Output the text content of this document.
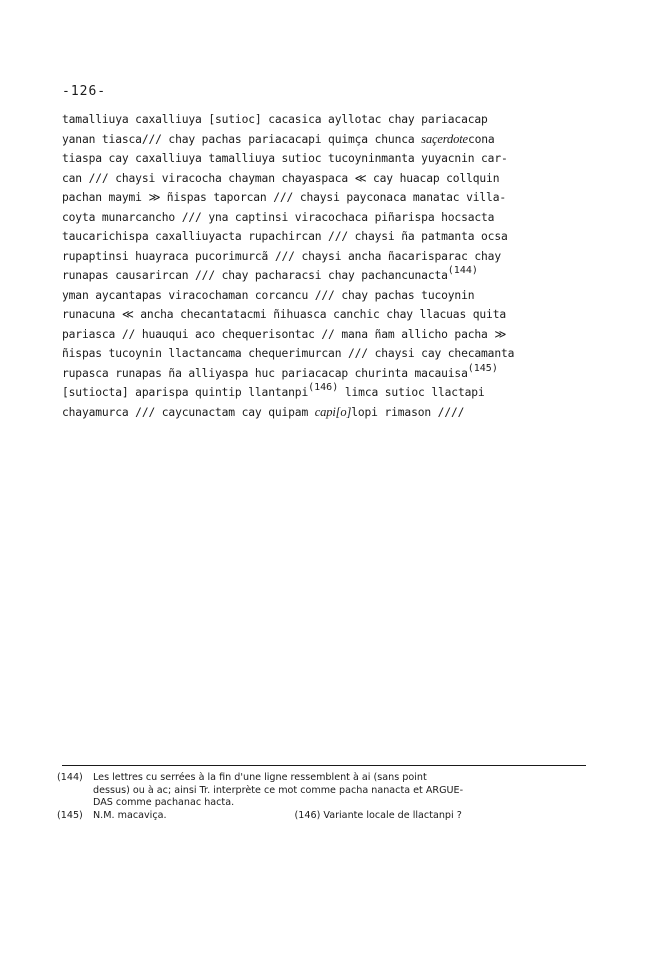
-126-
tamalliuya caxalliuya [sutioc] cacasica ayllotac chay pariacacap
yanan tiasca/// chay pachas pariacacapi quimça chunca saçerdotecona
tiaspa cay caxalliuya tamalliuya sutioc tucoyninmanta yuyacnin car-
can /// chaysi viracocha chayman chayaspaca ≪ cay huacap collquin
pachan maymi ≫ ñispas taporcan /// chaysi payconaca manatac villa-
coyta munarcancho /// yna captinsi viracochaca piñarispa hocsacta
taucarichispa caxalliuyacta rupachircan /// chaysi ña patmanta ocsa
rupaptinsi huayraca pucorimurcã /// chaysi ancha ñacarisparac chay
runapas causarircan /// chay pacharacsi chay pachancunacta$^{(144)}$
yman aycantapas viracochaman corcancu /// chay pachas tucoynin
runacuna ≪ ancha checantatacmi ñihuasca canchic chay llacuas quita
pariasca // huauqui aco chequerisontac // mana ñam allicho pacha ≫
ñispas tucoynin llactancama chequerimurcan /// chaysi cay checamanta
rupasca runapas ña alliyaspa huc pariacacap churinta macauisa$^{(145)}$
[sutiocta] aparispa quintip llantanpi$^{(146)}$ limca sutioc llactapi
chayamurca /// caycunactam cay quipam capi[o]lopi rimason ////
(144)	Les lettres cu serrées à la fin d'une ligne ressemblent à ai (sans point
dessus) ou à ac; ainsi Tr. interprète ce mot comme pacha nanacta et ARGUE-
DAS comme pachanac hacta.
(145)	N.M. macaviça.	(146) Variante locale de llactanpi ?
